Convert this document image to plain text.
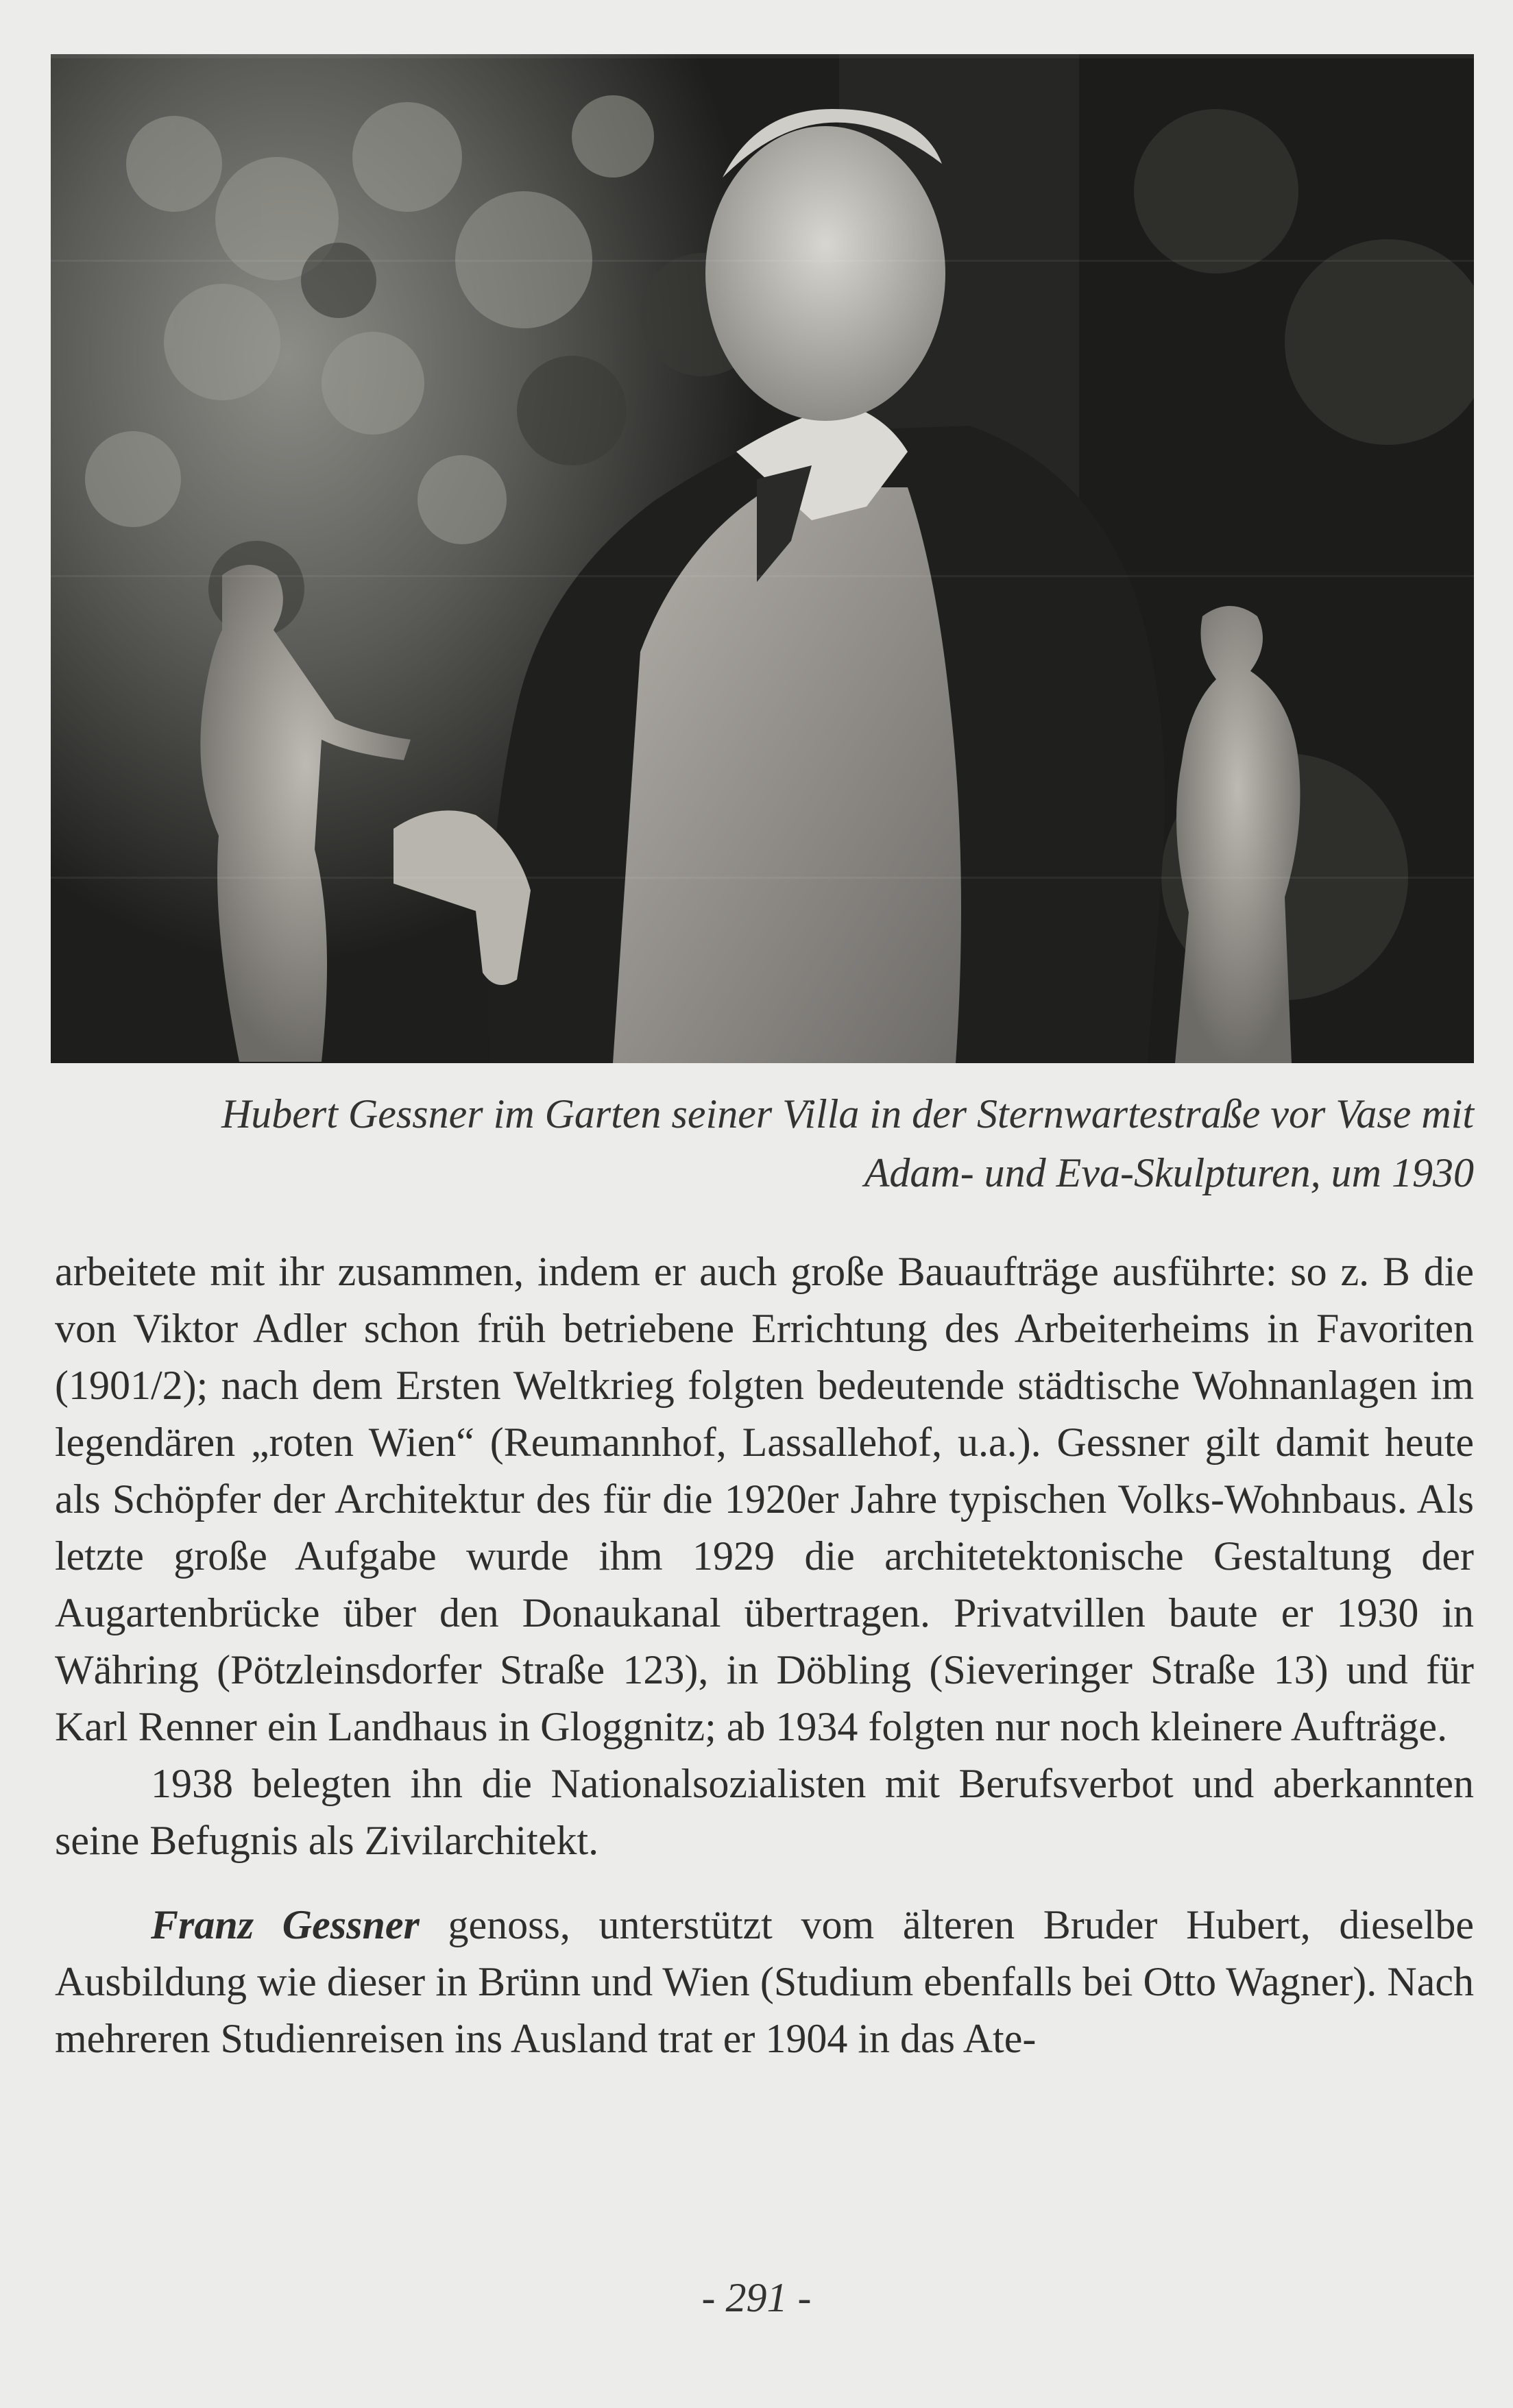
Hubert Gessner im Garten seiner Villa in der Sternwartestraße vor Vase mit
Adam- und Eva-Skulpturen, um 1930

arbeitete mit ihr zusammen, indem er auch große Bauaufträge ausführte: so z. B die von Viktor Adler schon früh betriebene Errichtung des Arbeiterheims in Favoriten (1901/2); nach dem Ersten Weltkrieg folgten bedeutende städtische Wohnanlagen im legendären „roten Wien“ (Reumannhof, Lassallehof, u.a.). Gessner gilt damit heute als Schöpfer der Architektur des für die 1920er Jahre typischen Volks-Wohnbaus. Als letzte große Aufgabe wurde ihm 1929 die architetektonische Gestaltung der Augartenbrücke über den Donaukanal übertragen. Privatvillen baute er 1930 in Währing (Pötzleinsdorfer Straße 123), in Döbling (Sieveringer Straße 13) und für Karl Renner ein Landhaus in Gloggnitz; ab 1934 folgten nur noch kleinere Aufträge.

1938 belegten ihn die Nationalsozialisten mit Berufsverbot und aberkannten seine Befugnis als Zivilarchitekt.

Franz Gessner genoss, unterstützt vom älteren Bruder Hubert, dieselbe Ausbildung wie dieser in Brünn und Wien (Studium ebenfalls bei Otto Wagner). Nach mehreren Studienreisen ins Ausland trat er 1904 in das Ate-

- 291 -
